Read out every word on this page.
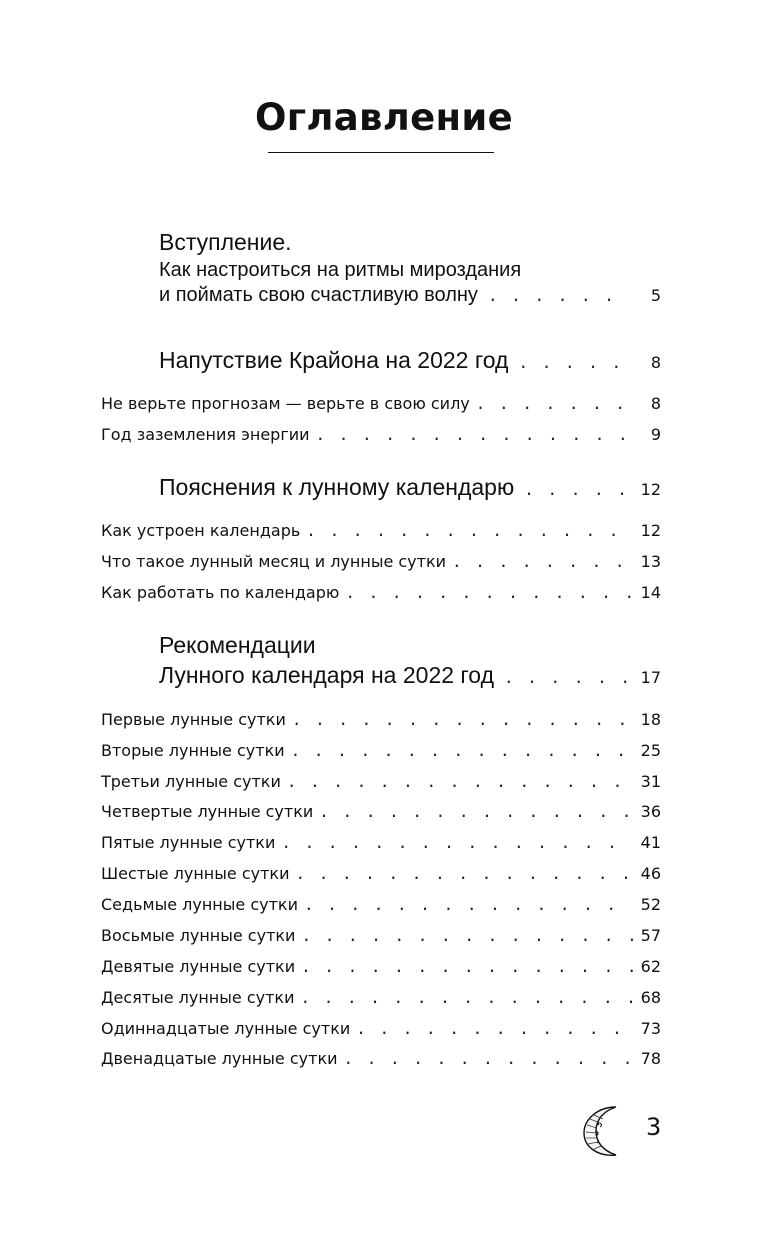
Оглавление
Вступление.
Как настроиться на ритмы мироздания
и поймать свою счастливую волну . . .	5
Напутствие Крайона на 2022 год . . .	8
Не верьте прогнозам — верьте в свою силу . . .	8
Год заземления энергии . . .	9
Пояснения к лунному календарю . . .	12
Как устроен календарь . . .	12
Что такое лунный месяц и лунные сутки . . .	13
Как работать по календарю . . .	14
Рекомендации
Лунного календаря на 2022 год . . .	17
Первые лунные сутки . . .	18
Вторые лунные сутки . . .	25
Третьи лунные сутки . . .	31
Четвертые лунные сутки . . .	36
Пятые лунные сутки . . .	41
Шестые лунные сутки . . .	46
Седьмые лунные сутки . . .	52
Восьмые лунные сутки . . .	57
Девятые лунные сутки . . .	62
Десятые лунные сутки . . .	68
Одиннадцатые лунные сутки . . .	73
Двенадцатые лунные сутки . . .	78
3
